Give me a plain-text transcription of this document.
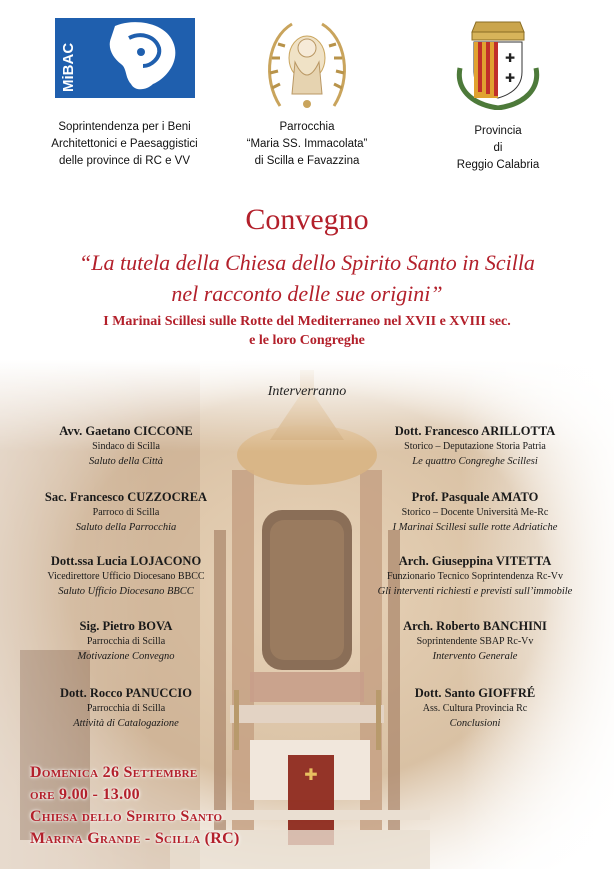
MiBAC
Soprintendenza per i Beni
Architettonici e Paesaggistici
delle province di RC e VV
Parrocchia
“Maria SS. Immacolata”
di Scilla e Favazzina
✚
✚
Provincia
di
Reggio Calabria
Convegno
“La tutela della Chiesa dello Spirito Santo in Scilla
nel racconto delle sue origini”
I Marinai Scillesi sulle Rotte del Mediterraneo nel XVII e XVIII sec.
e le loro Congreghe
Interverranno
Avv. Gaetano CICCONE
Sindaco di Scilla
Saluto della Città
Sac. Francesco CUZZOCREA
Parroco di Scilla
Saluto della Parrocchia
Dott.ssa Lucia LOJACONO
Vicedirettore Ufficio Diocesano BBCC
Saluto Ufficio Diocesano BBCC
Sig. Pietro BOVA
Parrocchia di Scilla
Motivazione Convegno
Dott. Rocco PANUCCIO
Parrocchia di Scilla
Attività di Catalogazione
Dott. Francesco ARILLOTTA
Storico – Deputazione Storia Patria
Le quattro Congreghe Scillesi
Prof. Pasquale AMATO
Storico – Docente Università Me-Rc
I Marinai Scillesi sulle rotte Adriatiche
Arch. Giuseppina VITETTA
Funzionario Tecnico Soprintendenza Rc-Vv
Gli interventi richiesti e previsti sull’immobile
Arch. Roberto BANCHINI
Soprintendente SBAP Rc-Vv
Intervento Generale
Dott. Santo GIOFFRÉ
Ass. Cultura Provincia Rc
Conclusioni
Domenica 26 Settembre
ore 9.00 - 13.00
Chiesa dello Spirito Santo
Marina Grande - Scilla (RC)
